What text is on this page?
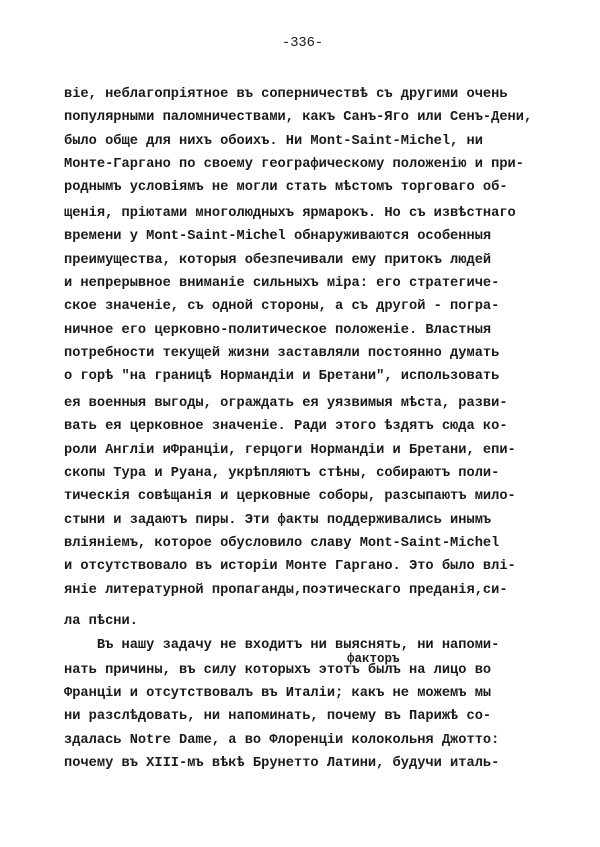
-336-
віе, неблагопріятное въ соперничествѣ съ другими очень
популярными паломничествами, какъ Санъ-Яго или Сенъ-Дени,
было обще для нихъ обоихъ. Ни Mont-Saint-Michel, ни
Монте-Гаргано по своему географическому положенію и при-
роднымъ условіямъ не могли стать мѣстомъ торговаго об-
щенія, пріютами многолюдныхъ ярмарокъ. Но съ извѣстнаго
времени у Mont-Saint-Michel обнаруживаются особенныя
преимущества, которыя обезпечивали ему притокъ людей
и непрерывное вниманіе сильныхъ міра: его стратегиче-
ское значеніе, съ одной стороны, а съ другой - погра-
ничное его церковно-политическое положеніе. Властныя
потребности текущей жизни заставляли постоянно думать
о горѣ "на границѣ Нормандіи и Бретани", использовать
ея военныя выгоды, ограждать ея уязвимыя мѣста, разви-
вать ея церковное значеніе. Ради этого ѣздятъ сюда ко-
роли Англіи иФранціи, герцоги Нормандіи и Бретани, епи-
скопы Тура и Руана, укрѣпляютъ стѣны, собираютъ поли-
тическія совѣщанія и церковные соборы, разсыпаютъ мило-
стыни и задаютъ пиры. Эти факты поддерживались инымъ
вліяніемъ, которое обусловило славу Mont-Saint-Michel
и отсутствовало въ исторіи Монте Гаргано. Это было влі-
яніе литературной пропаганды,поэтическаго преданія,си-
ла пѣсни.
Въ нашу задачу не входитъ ни выяснять, ни напоми-
факторъ
нать причины, въ силу которыхъ этотъ былъ на лицо во
Франціи и отсутствовалъ въ Италіи; какъ не можемъ мы
ни разслѣдовать, ни напоминать, почему въ Парижѣ со-
здалась Notre Dame, а во Флоренціи колокольня Джотто:
почему въ XIII-мъ вѣкѣ Брунетто Латини, будучи италь-
